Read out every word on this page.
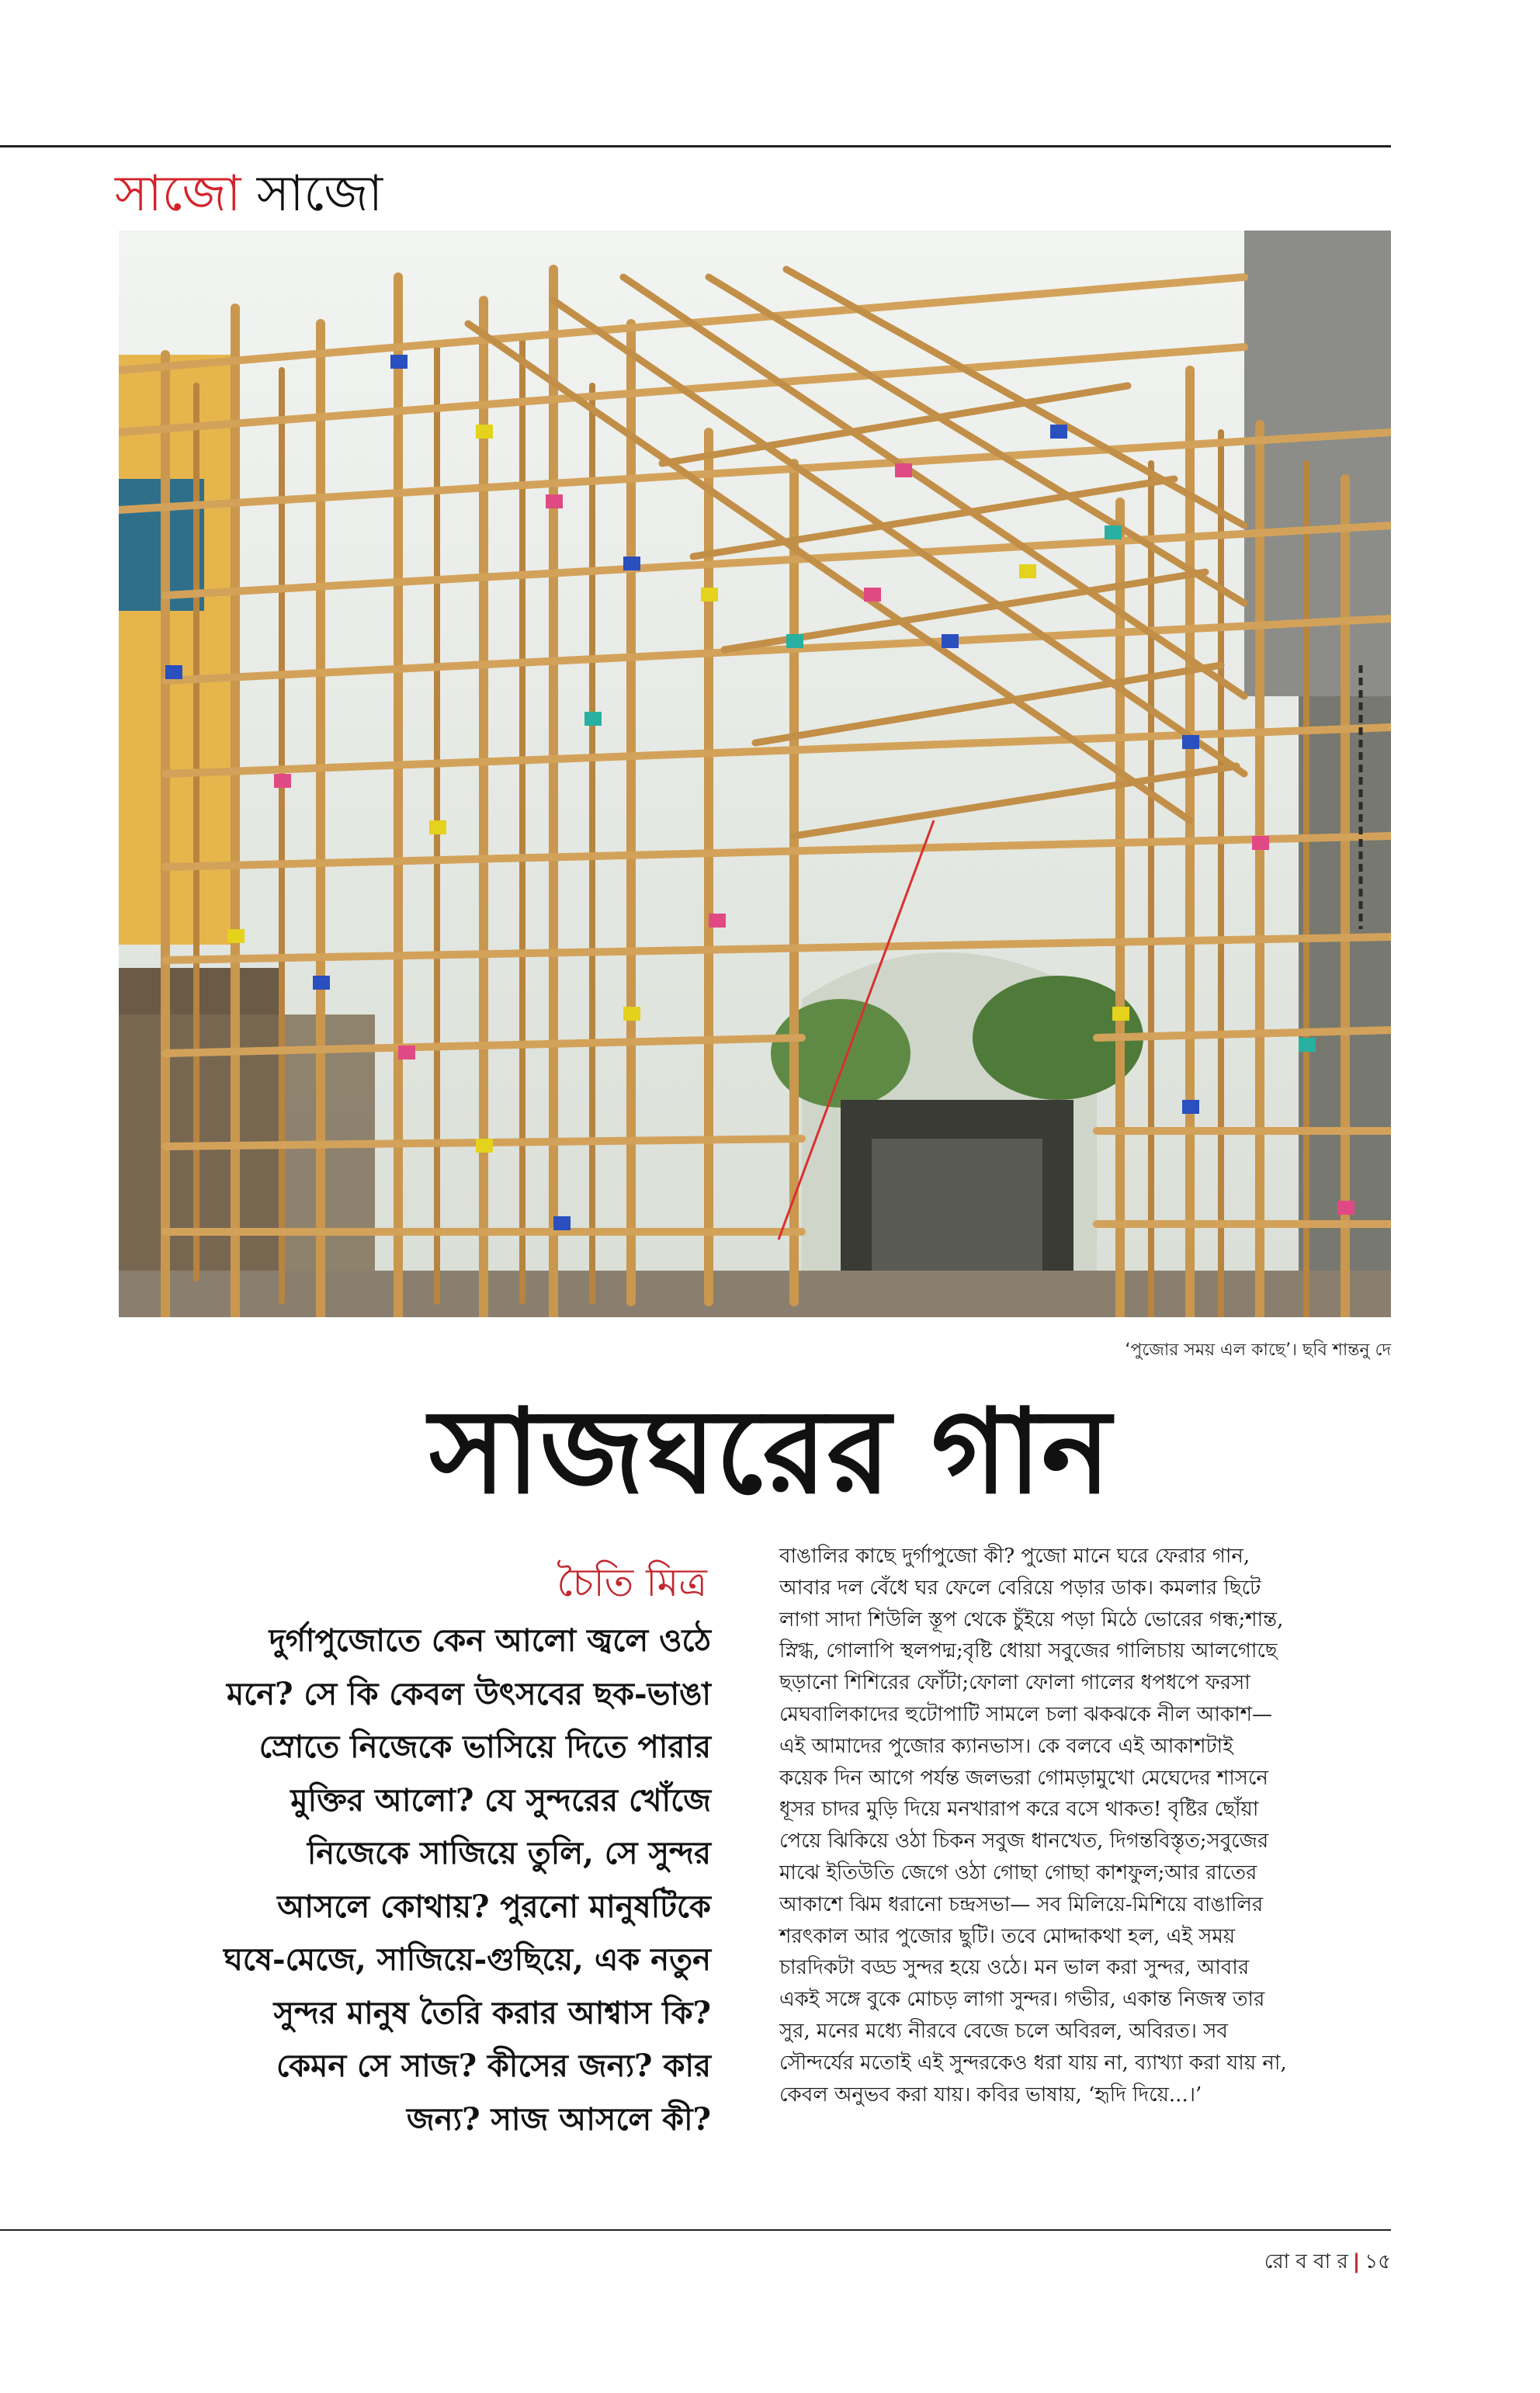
সাজো সাজো
‘পুজোর সময় এল কাছে’। ছবি শান্তনু দে
সাজঘরের গান
চৈতি মিত্র
দুর্গাপুজোতে কেন আলো জ্বলে ওঠে
মনে? সে কি কেবল উৎসবের ছক-ভাঙা
স্রোতে নিজেকে ভাসিয়ে দিতে পারার
মুক্তির আলো? যে সুন্দরের খোঁজে
নিজেকে সাজিয়ে তুলি, সে সুন্দর
আসলে কোথায়? পুরনো মানুষটিকে
ঘষে-মেজে, সাজিয়ে-গুছিয়ে, এক নতুন
সুন্দর মানুষ তৈরি করার আশ্বাস কি?
কেমন সে সাজ? কীসের জন্য? কার
জন্য? সাজ আসলে কী?
বাঙালির কাছে দুর্গাপুজো কী? পুজো মানে ঘরে ফেরার গান,
আবার দল বেঁধে ঘর ফেলে বেরিয়ে পড়ার ডাক। কমলার ছিটে
লাগা সাদা শিউলি স্তূপ থেকে চুঁইয়ে পড়া মিঠে ভোরের গন্ধ;শান্ত,
স্নিগ্ধ, গোলাপি স্থলপদ্ম;বৃষ্টি ধোয়া সবুজের গালিচায় আলগোছে
ছড়ানো শিশিরের ফোঁটা;ফোলা ফোলা গালের ধপধপে ফরসা
মেঘবালিকাদের হুটোপাটি সামলে চলা ঝকঝকে নীল আকাশ—
এই আমাদের পুজোর ক্যানভাস। কে বলবে এই আকাশটাই
কয়েক দিন আগে পর্যন্ত জলভরা গোমড়ামুখো মেঘেদের শাসনে
ধূসর চাদর মুড়ি দিয়ে মনখারাপ করে বসে থাকত! বৃষ্টির ছোঁয়া
পেয়ে ঝিকিয়ে ওঠা চিকন সবুজ ধানখেত, দিগন্তবিস্তৃত;সবুজের
মাঝে ইতিউতি জেগে ওঠা গোছা গোছা কাশফুল;আর রাতের
আকাশে ঝিম ধরানো চন্দ্রসভা— সব মিলিয়ে-মিশিয়ে বাঙালির
শরৎকাল আর পুজোর ছুটি। তবে মোদ্দাকথা হল, এই সময়
চারদিকটা বড্ড সুন্দর হয়ে ওঠে। মন ভাল করা সুন্দর, আবার
একই সঙ্গে বুকে মোচড় লাগা সুন্দর। গভীর, একান্ত নিজস্ব তার
সুর, মনের মধ্যে নীরবে বেজে চলে অবিরল, অবিরত। সব
সৌন্দর্যের মতোই এই সুন্দরকেও ধরা যায় না, ব্যাখ্যা করা যায় না,
কেবল অনুভব করা যায়। কবির ভাষায়, ‘হৃদি দিয়ে...।’
রো ব বা র | ১৫
